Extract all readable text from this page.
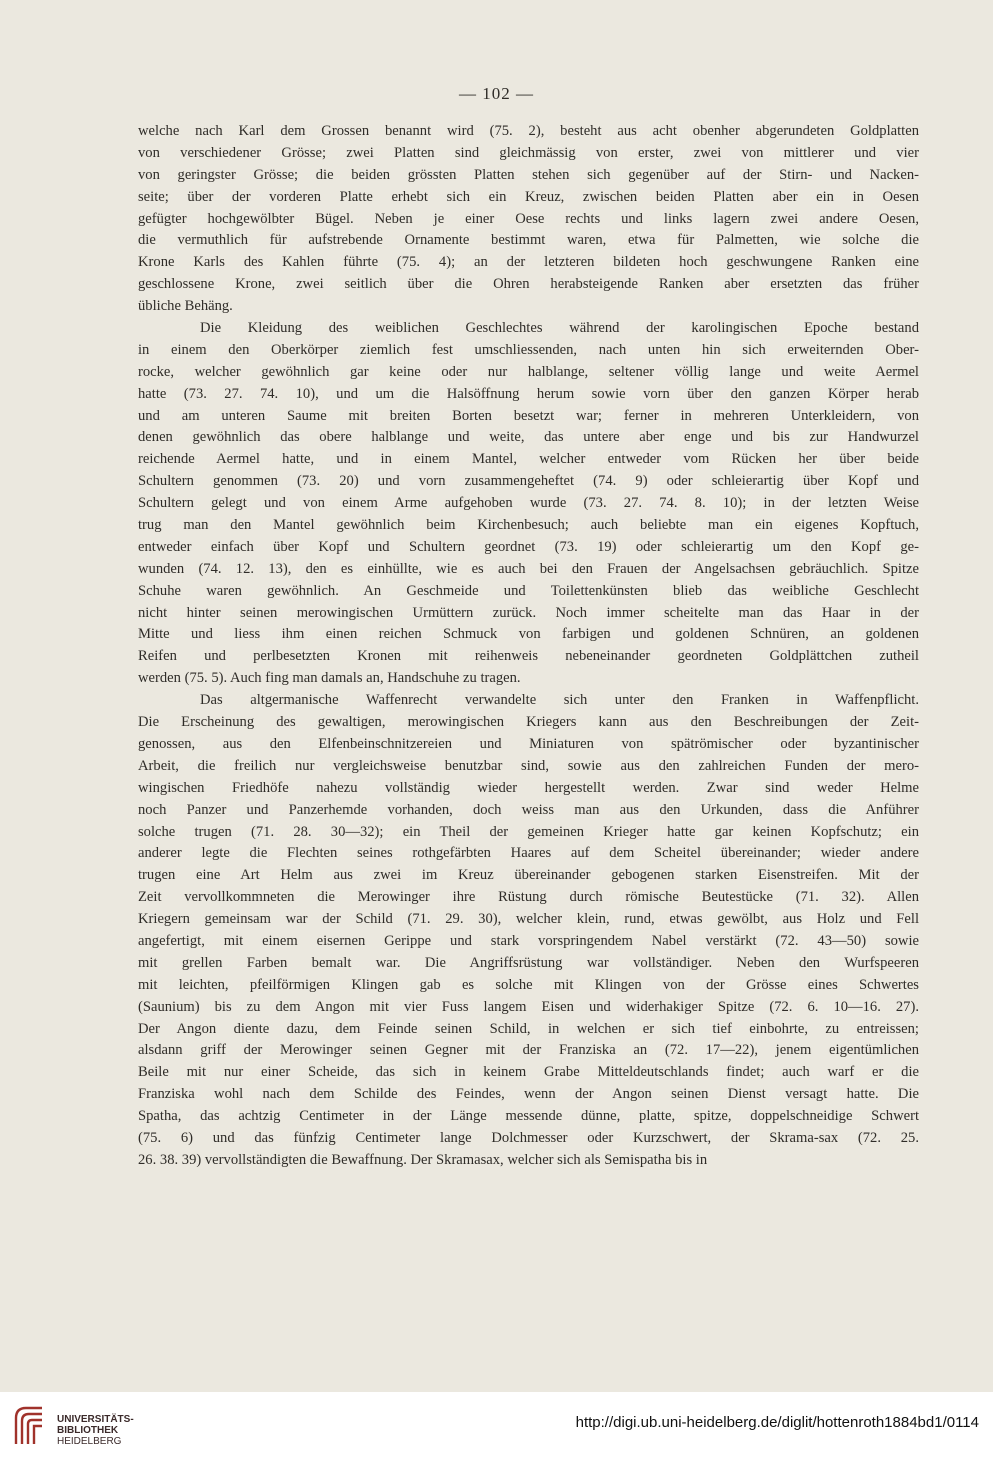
— 102 —
welche nach Karl dem Grossen benannt wird (75. 2), besteht aus acht obenher abgerundeten Goldplatten
von verschiedener Grösse; zwei Platten sind gleichmässig von erster, zwei von mittlerer und vier
von geringster Grösse; die beiden grössten Platten stehen sich gegenüber auf der Stirn- und Nacken-
seite; über der vorderen Platte erhebt sich ein Kreuz, zwischen beiden Platten aber ein in Oesen
gefügter hochgewölbter Bügel. Neben je einer Oese rechts und links lagern zwei andere Oesen,
die vermuthlich für aufstrebende Ornamente bestimmt waren, etwa für Palmetten, wie solche die
Krone Karls des Kahlen führte (75. 4); an der letzteren bildeten hoch geschwungene Ranken eine
geschlossene Krone, zwei seitlich über die Ohren herabsteigende Ranken aber ersetzten das früher
übliche Behäng.
Die Kleidung des weiblichen Geschlechtes während der karolingischen Epoche bestand
in einem den Oberkörper ziemlich fest umschliessenden, nach unten hin sich erweiternden Ober-
rocke, welcher gewöhnlich gar keine oder nur halblange, seltener völlig lange und weite Aermel
hatte (73. 27. 74. 10), und um die Halsöffnung herum sowie vorn über den ganzen Körper herab
und am unteren Saume mit breiten Borten besetzt war; ferner in mehreren Unterkleidern, von
denen gewöhnlich das obere halblange und weite, das untere aber enge und bis zur Handwurzel
reichende Aermel hatte, und in einem Mantel, welcher entweder vom Rücken her über beide
Schultern genommen (73. 20) und vorn zusammengeheftet (74. 9) oder schleierartig über Kopf und
Schultern gelegt und von einem Arme aufgehoben wurde (73. 27. 74. 8. 10); in der letzten Weise
trug man den Mantel gewöhnlich beim Kirchenbesuch; auch beliebte man ein eigenes Kopftuch,
entweder einfach über Kopf und Schultern geordnet (73. 19) oder schleierartig um den Kopf ge-
wunden (74. 12. 13), den es einhüllte, wie es auch bei den Frauen der Angelsachsen gebräuchlich. Spitze
Schuhe waren gewöhnlich. An Geschmeide und Toilettenkünsten blieb das weibliche Geschlecht
nicht hinter seinen merowingischen Urmüttern zurück. Noch immer scheitelte man das Haar in der
Mitte und liess ihm einen reichen Schmuck von farbigen und goldenen Schnüren, an goldenen
Reifen und perlbesetzten Kronen mit reihenweis nebeneinander geordneten Goldplättchen zutheil
werden (75. 5). Auch fing man damals an, Handschuhe zu tragen.
Das altgermanische Waffenrecht verwandelte sich unter den Franken in Waffenpflicht.
Die Erscheinung des gewaltigen, merowingischen Kriegers kann aus den Beschreibungen der Zeit-
genossen, aus den Elfenbeinschnitzereien und Miniaturen von spätrömischer oder byzantinischer
Arbeit, die freilich nur vergleichsweise benutzbar sind, sowie aus den zahlreichen Funden der mero-
wingischen Friedhöfe nahezu vollständig wieder hergestellt werden. Zwar sind weder Helme
noch Panzer und Panzerhemde vorhanden, doch weiss man aus den Urkunden, dass die Anführer
solche trugen (71. 28. 30—32); ein Theil der gemeinen Krieger hatte gar keinen Kopfschutz; ein
anderer legte die Flechten seines rothgefärbten Haares auf dem Scheitel übereinander; wieder andere
trugen eine Art Helm aus zwei im Kreuz übereinander gebogenen starken Eisenstreifen. Mit der
Zeit vervollkommneten die Merowinger ihre Rüstung durch römische Beutestücke (71. 32). Allen
Kriegern gemeinsam war der Schild (71. 29. 30), welcher klein, rund, etwas gewölbt, aus Holz und Fell
angefertigt, mit einem eisernen Gerippe und stark vorspringendem Nabel verstärkt (72. 43—50) sowie
mit grellen Farben bemalt war. Die Angriffsrüstung war vollständiger. Neben den Wurfspeeren
mit leichten, pfeilförmigen Klingen gab es solche mit Klingen von der Grösse eines Schwertes
(Saunium) bis zu dem Angon mit vier Fuss langem Eisen und widerhakiger Spitze (72. 6. 10—16. 27).
Der Angon diente dazu, dem Feinde seinen Schild, in welchen er sich tief einbohrte, zu entreissen;
alsdann griff der Merowinger seinen Gegner mit der Franziska an (72. 17—22), jenem eigentümlichen
Beile mit nur einer Scheide, das sich in keinem Grabe Mitteldeutschlands findet; auch warf er die
Franziska wohl nach dem Schilde des Feindes, wenn der Angon seinen Dienst versagt hatte. Die
Spatha, das achtzig Centimeter in der Länge messende dünne, platte, spitze, doppelschneidige Schwert
(75. 6) und das fünfzig Centimeter lange Dolchmesser oder Kurzschwert, der Skrama-sax (72. 25.
26. 38. 39) vervollständigten die Bewaffnung. Der Skramasax, welcher sich als Semispatha bis in
UNIVERSITÄTS-
BIBLIOTHEK
HEIDELBERG
http://digi.ub.uni-heidelberg.de/diglit/hottenroth1884bd1/0114
